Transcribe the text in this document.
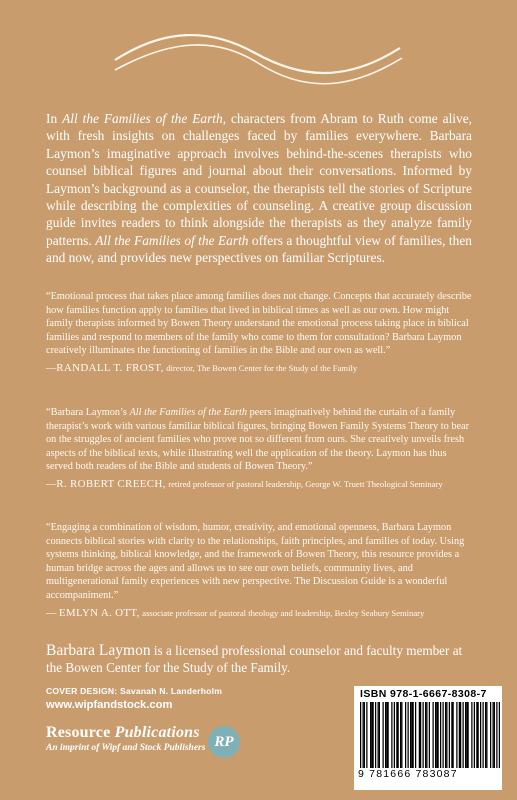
In All the Families of the Earth, characters from Abram to Ruth come alive, with fresh insights on challenges faced by families everywhere. Barbara Laymon’s imaginative approach involves behind-the-scenes therapists who counsel biblical figures and journal about their conversations. Informed by Laymon’s background as a counselor, the therapists tell the stories of Scripture while describing the complexities of counseling. A creative group discussion guide invites readers to think alongside the therapists as they analyze family patterns. All the Families of the Earth offers a thoughtful view of families, then and now, and provides new perspectives on familiar Scriptures.

“Emotional process that takes place among families does not change. Concepts that accurately describe how families function apply to families that lived in biblical times as well as our own. How might family therapists informed by Bowen Theory understand the emotional process taking place in biblical families and respond to members of the family who come to them for consultation? Barbara Laymon creatively illuminates the functioning of families in the Bible and our own as well.”

—RANDALL T. FROST, director, The Bowen Center for the Study of the Family

“Barbara Laymon’s All the Families of the Earth peers imaginatively behind the curtain of a family therapist’s work with various familiar biblical figures, bringing Bowen Family Systems Theory to bear on the struggles of ancient families who prove not so different from ours. She creatively unveils fresh aspects of the biblical texts, while illustrating well the application of the theory. Laymon has thus served both readers of the Bible and students of Bowen Theory.”

—R. ROBERT CREECH, retired professor of pastoral leadership, George W. Truett Theological Seminary

“Engaging a combination of wisdom, humor, creativity, and emotional openness, Barbara Laymon connects biblical stories with clarity to the relationships, faith principles, and families of today. Using systems thinking, biblical knowledge, and the framework of Bowen Theory, this resource provides a human bridge across the ages and allows us to see our own beliefs, community lives, and multigenerational family experiences with new perspective. The Discussion Guide is a wonderful accompaniment.”

— EMLYN A. OTT, associate professor of pastoral theology and leadership, Bexley Seabury Seminary
Barbara Laymon is a licensed professional counselor and faculty member at the Bowen Center for the Study of the Family.
COVER DESIGN: Savanah N. Landerholm
www.wipfandstock.com
Resource Publications
An imprint of Wipf and Stock Publishers RP
ISBN 978-1-6667-8308-7
9 781666 783087
